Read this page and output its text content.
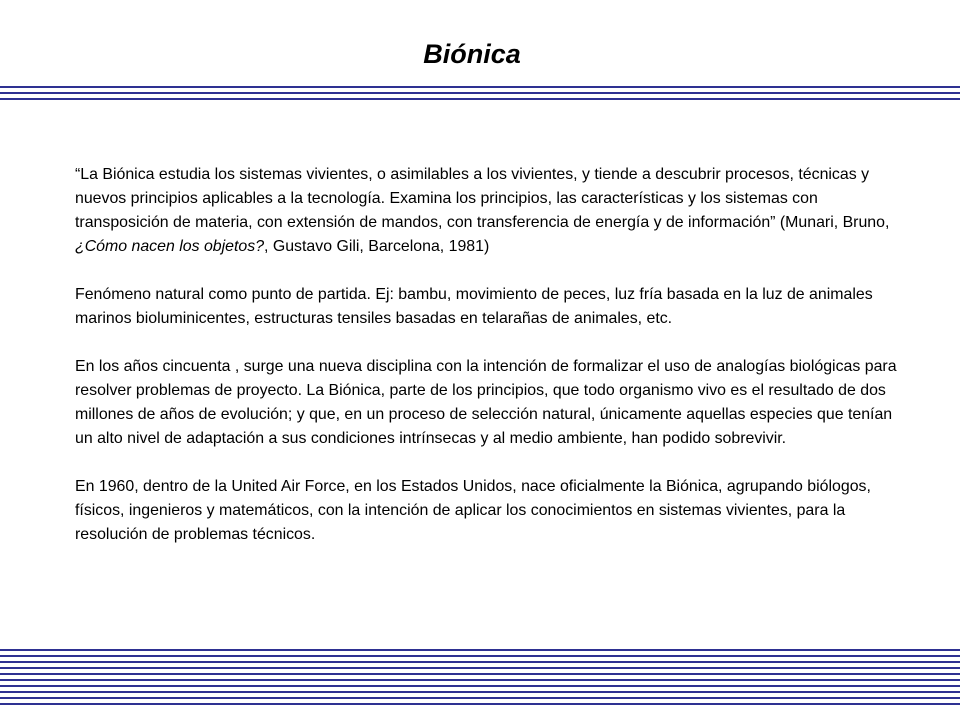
Biónica

“La Biónica estudia los sistemas vivientes, o asimilables a los vivientes, y tiende a descubrir procesos, técnicas y nuevos principios aplicables a la tecnología. Examina los principios, las características y los sistemas con transposición de materia, con extensión de mandos, con transferencia de energía y de información” (Munari, Bruno, ¿Cómo nacen los objetos?, Gustavo Gili, Barcelona, 1981)

Fenómeno natural como punto de partida. Ej: bambu, movimiento de peces, luz fría basada en la luz de animales marinos bioluminicentes, estructuras tensiles basadas en telarañas de animales, etc.

En los años cincuenta , surge una nueva disciplina con la intención de formalizar el uso de analogías biológicas para resolver problemas de proyecto. La Biónica, parte de los principios, que todo organismo vivo es el resultado de dos millones de años de evolución; y que, en un proceso de selección natural, únicamente aquellas especies que tenían un alto nivel de adaptación a sus condiciones intrínsecas y al medio ambiente, han podido sobrevivir.

En 1960, dentro de la United Air Force, en los Estados Unidos, nace oficialmente la Biónica, agrupando biólogos, físicos, ingenieros y matemáticos, con la intención de aplicar los conocimientos en sistemas vivientes, para la resolución de problemas técnicos.
